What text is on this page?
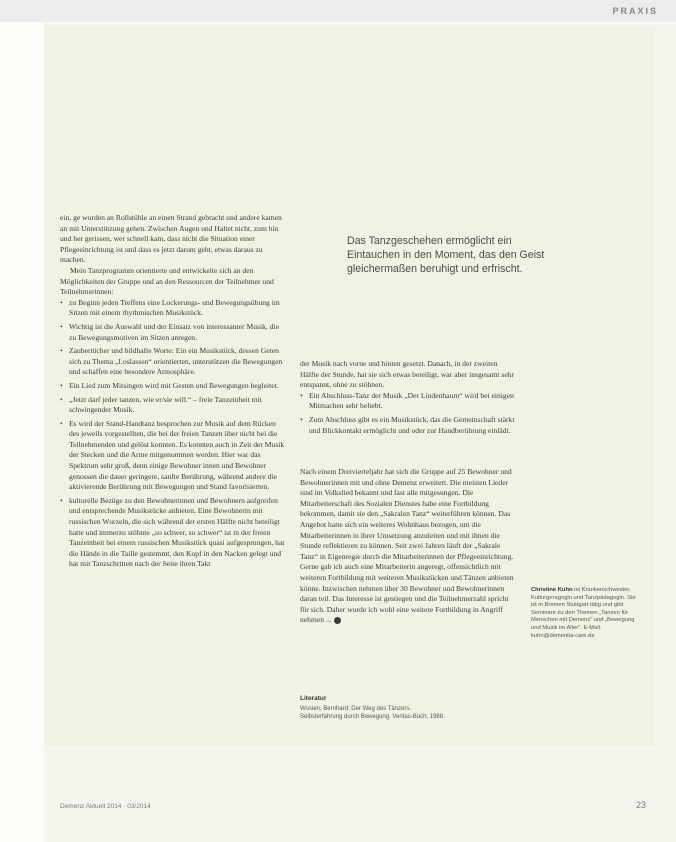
PRAXIS

ein, ge wurden an Rollstühle an einen Strand gebracht und andere kamen an mit Unterstützung gehen. Zwischen Augen und Haltet nicht, zum hin und her gerissen, wer schnell kam, dass nicht die Situation einer Pflegeeinrichtung ist und dass es jetzt darum geht, etwas daraus zu machen.

Mein Tanzprogramm orientierte und entwickelte sich an den Möglichkeiten der Gruppe und an den Ressourcen der Teilnehmer und Teilnehmerinnen:

• zu Beginn jeden Treffens eine Lockerungs- und Bewegungsübung im Sitzen mit einem rhythmischen Musikstück.
• Wichtig ist die Auswahl und der Einsatz von interessanter Musik, die zu Bewegungsmotiven im Sitzen anregen.
• Zaubertücher und bildhafte Worte: Ein ein Musikstück, dessen Geten sich zu Thema „Loslassen“ orientierten, unterstützen die Bewegungen und schaffen eine besondere Atmosphäre.
• Ein Lied zum Mitsingen wird mit Gesten und Bewegungen begleitet.
• „Jetzt darf jeder tanzen, wie er/sie will.“ – freie Tanzeinheit mit schwingender Musik.
• Es wird der Stand-Handtanz besprochen zur Musik auf dem Rücken des jeweils vorgestellten, die bei der freien Tanzen über nicht bei die Teilnehmenden und gelöst konnten. Es konnten auch in Zeit der Musik der Stecken und die Arme mitgenommen werden. Hier war das Spektrum sehr groß, denn einige Bewohner innen und Bewohner genossen die dauer geringere, sanfte Berührung, während andere die aktivierende Berührung mit Bewegungen und Stand favorisierten.
• kulturelle Bezüge zu den Bewohnerinnen und Bewohnern aufgreifen und entsprechende Musikstücke anbieten. Eine Bewohnerin mit russischen Wurzeln, die sich während der ersten Hälfte nicht beteiligt hatte und immerzu stöhnte „so schwer, so schwer“ ist in der freien Tanzeinheit bei einem russischen Musikstück quasi aufgesprungen, hat die Hände in die Taille gestemmt, den Kopf in den Nacken gelegt und hat mit Tanzschritten nach der Seite ihren Takt
Das Tanzgeschehen ermöglicht ein Eintauchen in den Moment, das den Geist gleichermaßen beruhigt und erfrischt.

der Musik nach vorne und hinten gesetzt. Danach, in der zweiten Hälfte der Stunde, hat sie sich etwas beteiligt, war aber insgesamt sehr entspannt, ohne zu stöhnen.

• Ein Abschluss-Tanz der Musik „Der Lindenbaum“ wird bei einigen Mitmachen sehr beliebt.
• Zum Abschluss gibt es ein Musikstück, das die Gemeinschaft stärkt und Blickkontakt ermöglicht und oder zur Handberührung einlädt.

Nach einem Dreivierteljahr hat sich die Gruppe auf 25 Bewohner und Bewohnerinnen mit und ohne Demenz erweitert. Die meisten Lieder sind im Volkslied bekannt und fast alle mitgesungen. Die Mitarbeiterschaft des Sozialen Dienstes habe eine Fortbildung bekommen, damit sie den „Sakralen Tanz“ weiterführen können. Das Angebot hatte sich ein weiteres Wohnhaus bezogen, um die Mitarbeiterinnen in ihrer Umsetzung anzuleiten und mit ihnen die Stunde reflektieren zu können. Seit zwei Jahren läuft der „Sakrale Tanz“ in Eigenregie durch die Mitarbeiterinnen der Pflegeeinrichtung. Gerne gab ich auch eine Mitarbeiterin angeregt, offensichtlich mit weiteren Fortbildung mit weiteren Musikstücken und Tänzen anbieten könne. Inzwischen nehmen über 30 Bewohner und Bewohnerinnen daran teil. Das Interesse ist gestiegen und die Teilnehmerzahl spricht für sich. Daher wurde ich wohl eine weitere Fortbildung in Angriff nehmen ...

Literatur
Wosien, Bernhard: Der Weg des Tänzers.
Selbsterfahrung durch Bewegung. Veritas-Buch, 1988.
Christine Kuhn ist Krankenschwester, Kulturgeragogin und Tanzpädagogin. Sie ist in Bremen Stuttgart tätig und gibt Seminare zu den Themen „Tanzen für Menschen mit Demenz“ und „Bewegung und Musik im Alter“. E-Mail: kuhn@dementia-care.de
Demenz Aktuell 2014 · 03/2014	23
